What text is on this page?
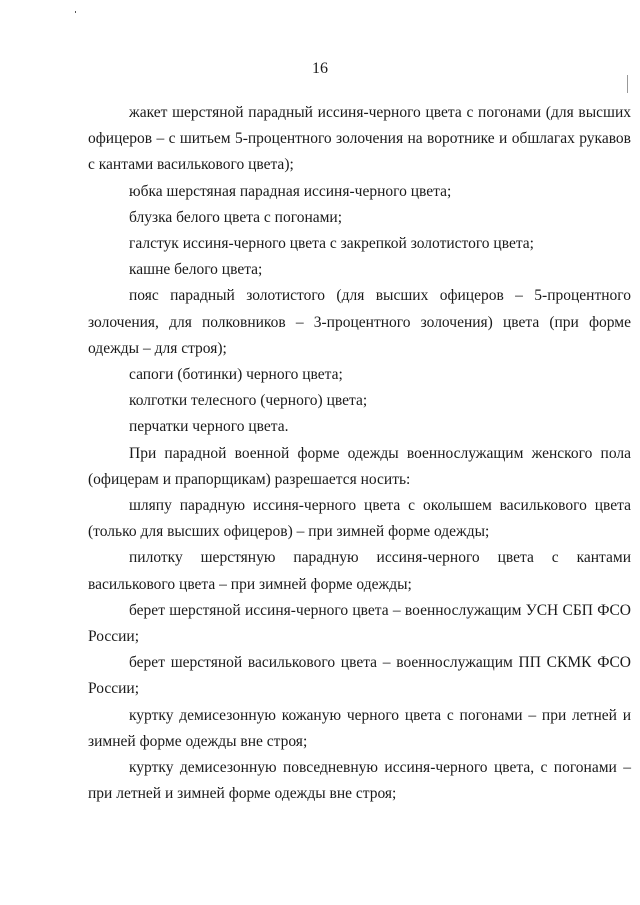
16

жакет шерстяной парадный иссиня-черного цвета с погонами (для высших офицеров – с шитьем 5-процентного золочения на воротнике и обшлагах рукавов с кантами василькового цвета);

юбка шерстяная парадная иссиня-черного цвета;

блузка белого цвета с погонами;

галстук иссиня-черного цвета с закрепкой золотистого цвета;

кашне белого цвета;

пояс парадный золотистого (для высших офицеров – 5-процентного золочения, для полковников – 3-процентного золочения) цвета (при форме одежды – для строя);

сапоги (ботинки) черного цвета;

колготки телесного (черного) цвета;

перчатки черного цвета.

При парадной военной форме одежды военнослужащим женского пола (офицерам и прапорщикам) разрешается носить:

шляпу парадную иссиня-черного цвета с околышем василькового цвета (только для высших офицеров) – при зимней форме одежды;

пилотку шерстяную парадную иссиня-черного цвета с кантами василькового цвета – при зимней форме одежды;

берет шерстяной иссиня-черного цвета – военнослужащим УСН СБП ФСО России;

берет шерстяной василькового цвета – военнослужащим ПП СКМК ФСО России;

куртку демисезонную кожаную черного цвета с погонами – при летней и зимней форме одежды вне строя;

куртку демисезонную повседневную иссиня-черного цвета, с погонами – при летней и зимней форме одежды вне строя;
